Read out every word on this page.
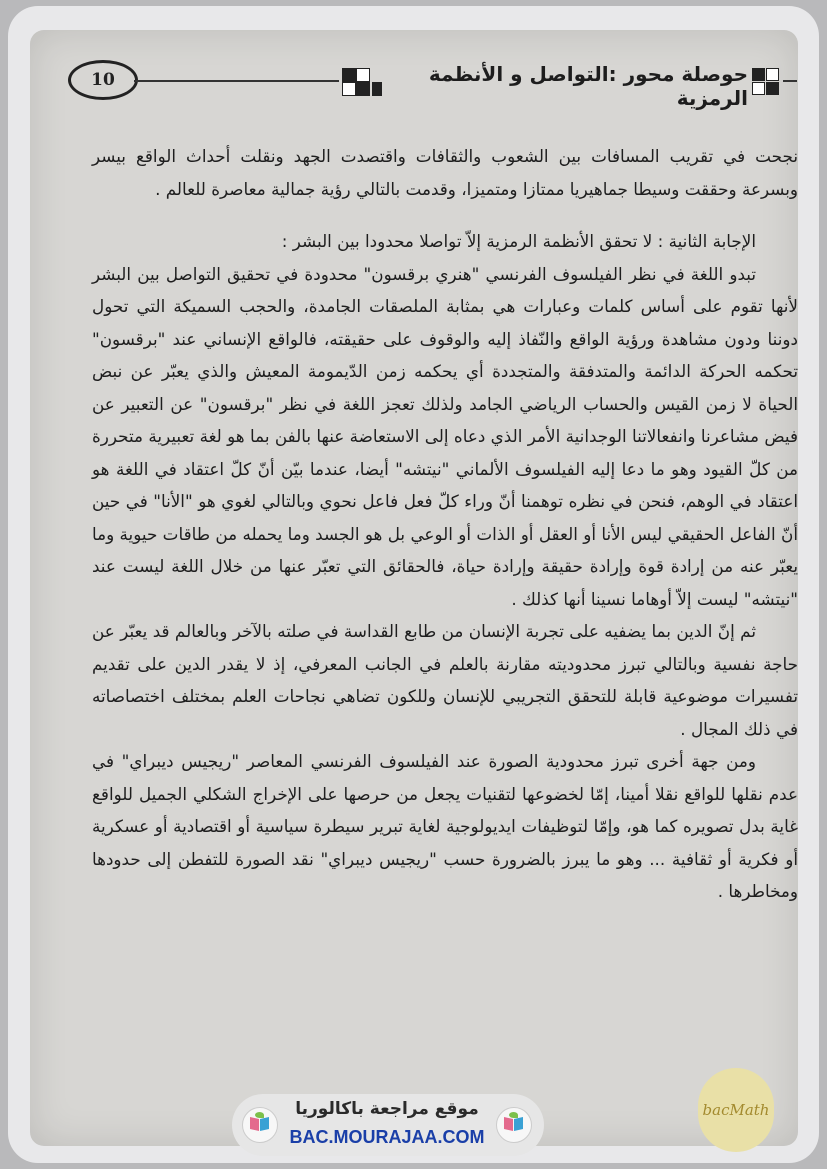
10	حوصلة محور :التواصل و الأنظمة الرمزية

نجحت في تقريب المسافات بين الشعوب والثقافات واقتصدت الجهد ونقلت أحداث الواقع بيسر وبسرعة وحققت وسيطا جماهيريا ممتازا ومتميزا، وقدمت بالتالي رؤية جمالية معاصرة للعالم .

الإجابة الثانية : لا تحقق الأنظمة الرمزية إلاّ تواصلا محدودا بين البشر :

تبدو اللغة في نظر الفيلسوف الفرنسي "هنري برقسون" محدودة في تحقيق التواصل بين البشر لأنها تقوم على أساس كلمات وعبارات هي بمثابة الملصقات الجامدة، والحجب السميكة التي تحول دوننا ودون مشاهدة ورؤية الواقع والنّفاذ إليه والوقوف على حقيقته، فالواقع الإنساني عند "برقسون" تحكمه الحركة الدائمة والمتدفقة والمتجددة أي يحكمه زمن الدّيمومة المعيش والذي يعبّر عن نبض الحياة لا زمن القيس والحساب الرياضي الجامد ولذلك تعجز اللغة في نظر "برقسون" عن التعبير عن فيض مشاعرنا وانفعالاتنا الوجدانية الأمر الذي دعاه إلى الاستعاضة عنها بالفن بما هو لغة تعبيرية متحررة من كلّ القيود وهو ما دعا إليه الفيلسوف الألماني "نيتشه" أيضا، عندما بيّن أنّ كلّ اعتقاد في اللغة هو اعتقاد في الوهم، فنحن في نظره توهمنا أنّ وراء كلّ فعل فاعل نحوي وبالتالي لغوي هو "الأنا" في حين أنّ الفاعل الحقيقي ليس الأنا أو العقل أو الذات أو الوعي بل هو الجسد وما يحمله من طاقات حيوية وما يعبّر عنه من إرادة قوة وإرادة حقيقة وإرادة حياة، فالحقائق التي تعبّر عنها من خلال اللغة ليست عند "نيتشه" ليست إلاّ أوهاما نسينا أنها كذلك .

ثم إنّ الدين بما يضفيه على تجربة الإنسان من طابع القداسة في صلته بالآخر وبالعالم قد يعبّر عن حاجة نفسية وبالتالي تبرز محدوديته مقارنة بالعلم في الجانب المعرفي، إذ لا يقدر الدين على تقديم تفسيرات موضوعية قابلة للتحقق التجريبي للإنسان وللكون تضاهي نجاحات العلم بمختلف اختصاصاته في ذلك المجال .

ومن جهة أخرى تبرز محدودية الصورة عند الفيلسوف الفرنسي المعاصر "ريجيس ديبراي" في عدم نقلها للواقع نقلا أمينا، إمّا لخضوعها لتقنيات يجعل من حرصها على الإخراج الشكلي الجميل للواقع غاية بدل تصويره كما هو، وإمّا لتوظيفات ايديولوجية لغاية تبرير سيطرة سياسية أو اقتصادية أو عسكرية أو فكرية أو ثقافية ... وهو ما يبرز بالضرورة حسب "ريجيس ديبراي" نقد الصورة للتفطن إلى حدودها ومخاطرها .

موقع مراجعة باكالوريا
BAC.MOURAJAA.COM
bacMath
